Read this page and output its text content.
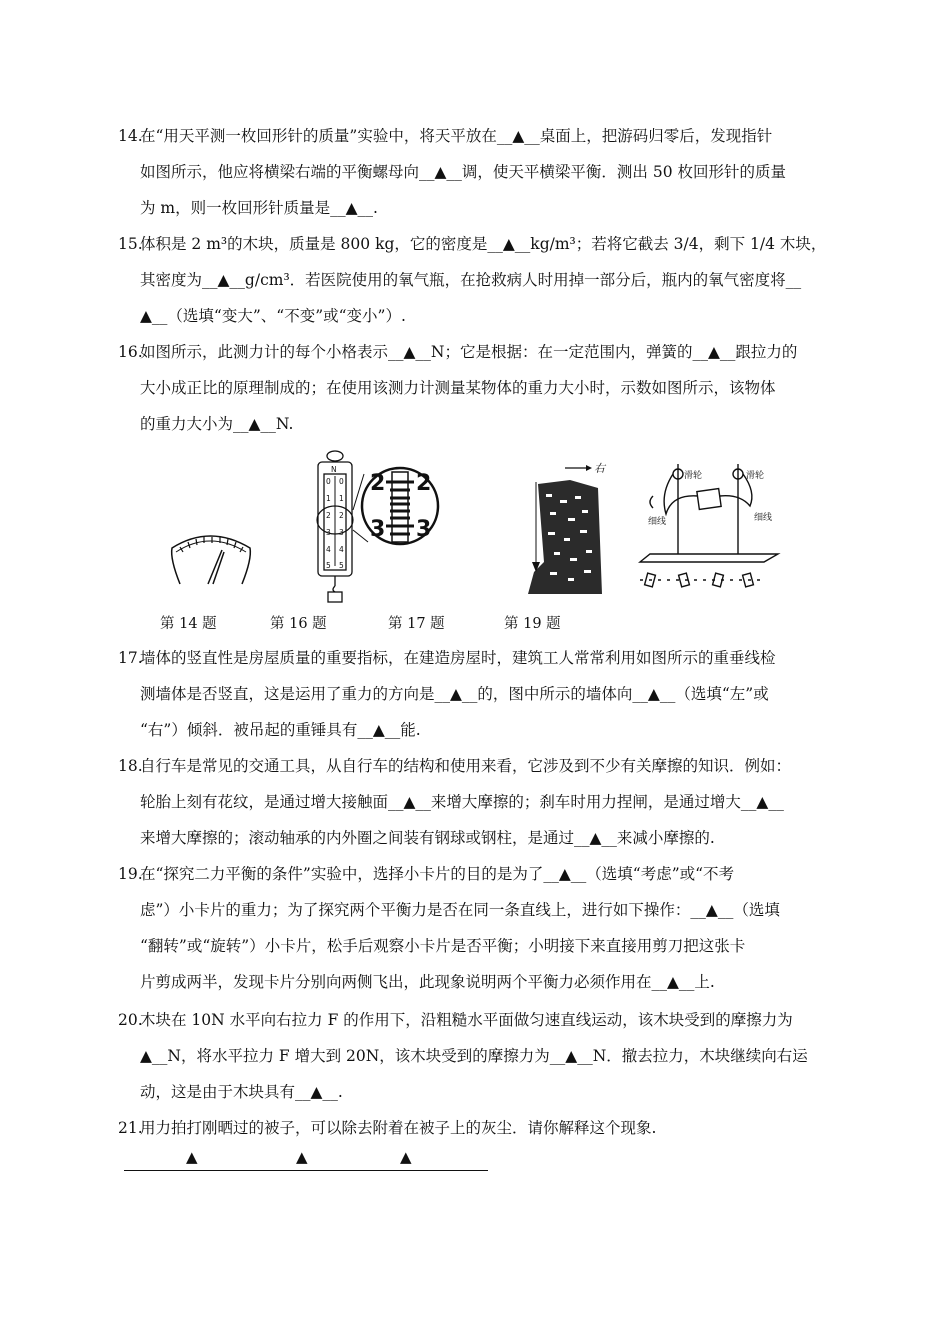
14.在“用天平测一枚回形针的质量”实验中，将天平放在__▲__桌面上，把游码归零后，发现指针
如图所示，他应将横梁右端的平衡螺母向__▲__调，使天平横梁平衡．测出 50 枚回形针的质量
为 m，则一枚回形针质量是__▲__.
15.体积是 2 m³的木块，质量是 800 kg，它的密度是__▲__kg/m³；若将它截去 3/4，剩下 1/4 木块，
其密度为__▲__g/cm³．若医院使用的氧气瓶，在抢救病人时用掉一部分后，瓶内的氧气密度将__
▲__（选填“变大”、“不变”或“变小”）.
16.如图所示，此测力计的每个小格表示__▲__N；它是根据：在一定范围内，弹簧的__▲__跟拉力的
大小成正比的原理制成的；在使用该测力计测量某物体的重力大小时，示数如图所示，该物体
的重力大小为__▲__N.
N
0
1
2
3
4
5
0
1
2
3
4
5
2 2
3 3
右
滑轮	滑轮
细线	细线
第 14 题	第 16 题	第 17 题	第 19 题
17.墙体的竖直性是房屋质量的重要指标，在建造房屋时，建筑工人常常利用如图所示的重垂线检
测墙体是否竖直，这是运用了重力的方向是__▲__的，图中所示的墙体向__▲__（选填“左”或
“右”）倾斜．被吊起的重锤具有__▲__能.
18.自行车是常见的交通工具，从自行车的结构和使用来看，它涉及到不少有关摩擦的知识．例如：
轮胎上刻有花纹，是通过增大接触面__▲__来增大摩擦的；刹车时用力捏闸，是通过增大__▲__
来增大摩擦的；滚动轴承的内外圈之间装有钢球或钢柱，是通过__▲__来减小摩擦的.
19.在“探究二力平衡的条件”实验中，选择小卡片的目的是为了__▲__（选填“考虑”或“不考
虑”）小卡片的重力；为了探究两个平衡力是否在同一条直线上，进行如下操作：__▲__（选填
“翻转”或“旋转”）小卡片，松手后观察小卡片是否平衡；小明接下来直接用剪刀把这张卡
片剪成两半，发现卡片分别向两侧飞出，此现象说明两个平衡力必须作用在__▲__上.
20.木块在 10N 水平向右拉力 F 的作用下，沿粗糙水平面做匀速直线运动，该木块受到的摩擦力为
▲__N，将水平拉力 F 增大到 20N，该木块受到的摩擦力为__▲__N．撤去拉力，木块继续向右运
动，这是由于木块具有__▲__.
21.用力拍打刚晒过的被子，可以除去附着在被子上的灰尘．请你解释这个现象.
▲	▲	▲
